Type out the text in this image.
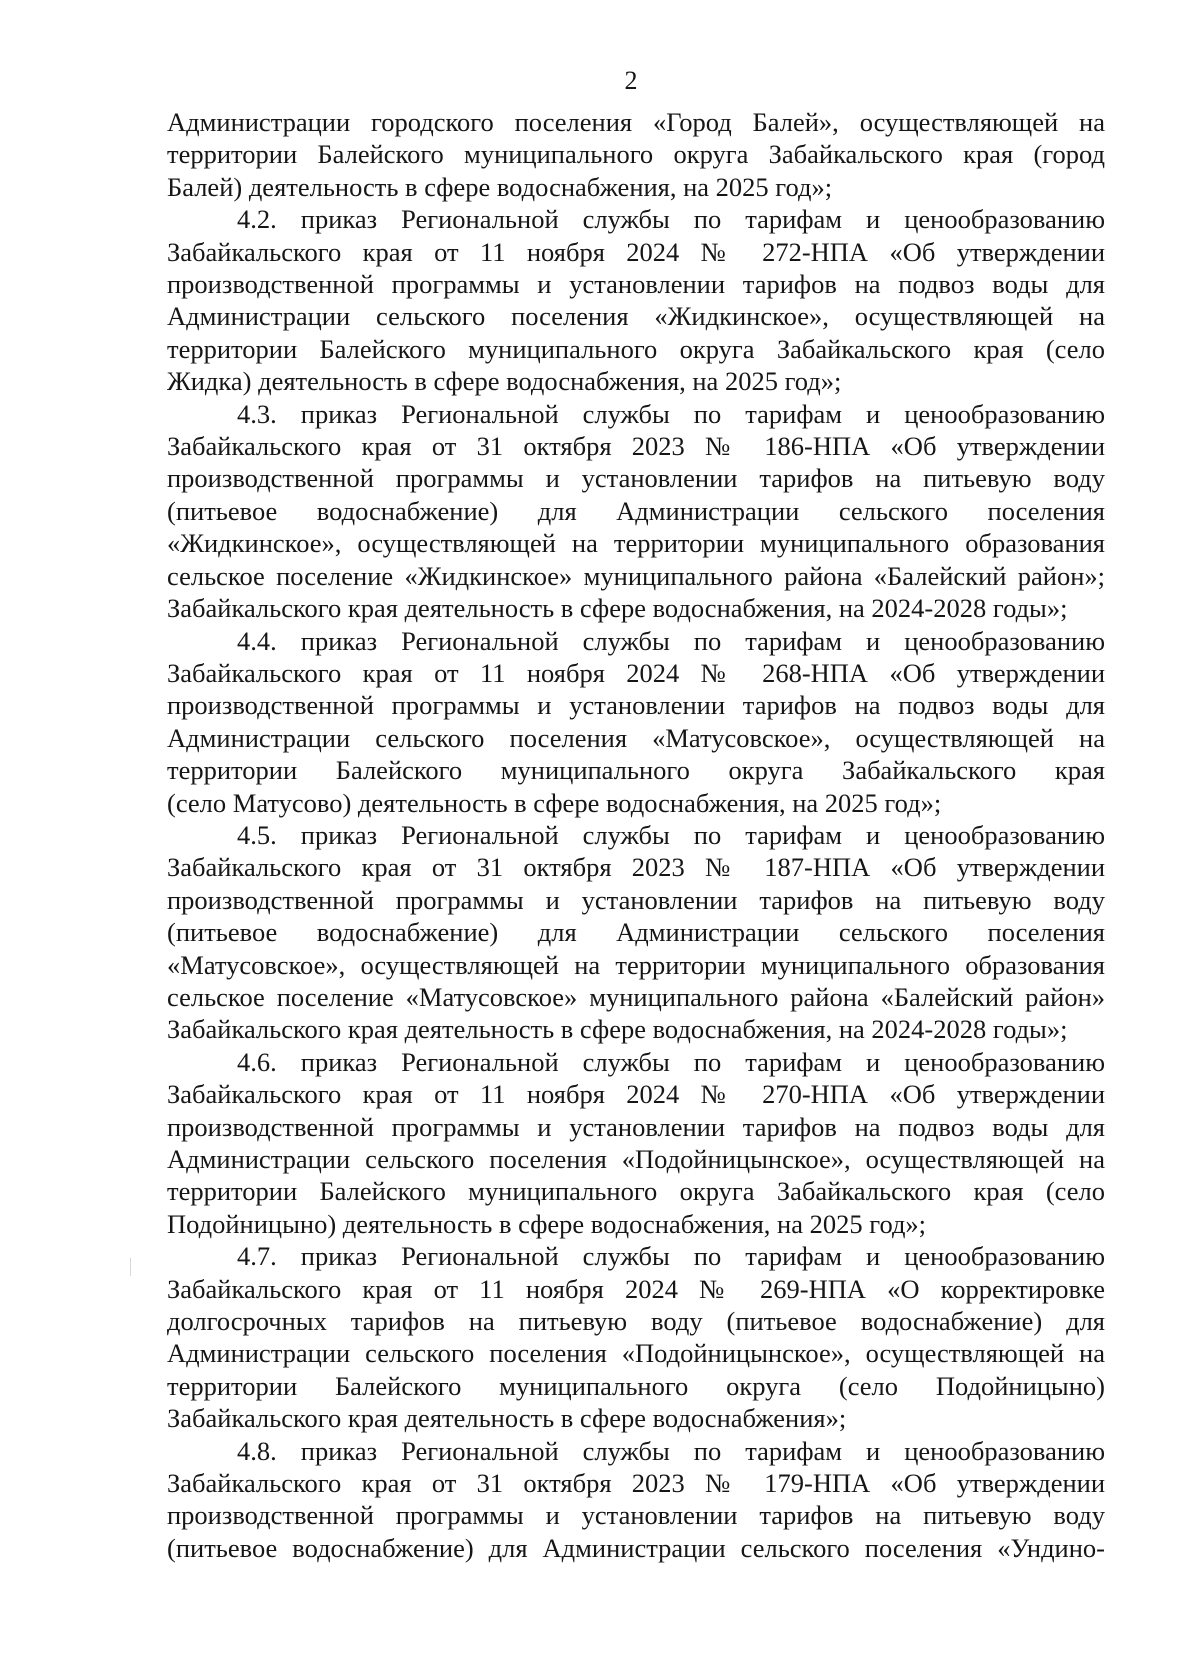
2
Администрации городского поселения «Город Балей», осуществляющей на
территории Балейского муниципального округа Забайкальского края (город
Балей) деятельность в сфере водоснабжения, на 2025 год»;
4.2. приказ Региональной службы по тарифам и ценообразованию
Забайкальского края от 11 ноября 2024 № 272-НПА «Об утверждении
производственной программы и установлении тарифов на подвоз воды для
Администрации сельского поселения «Жидкинское», осуществляющей на
территории Балейского муниципального округа Забайкальского края (село
Жидка) деятельность в сфере водоснабжения, на 2025 год»;
4.3. приказ Региональной службы по тарифам и ценообразованию
Забайкальского края от 31 октября 2023 № 186-НПА «Об утверждении
производственной программы и установлении тарифов на питьевую воду
(питьевое водоснабжение) для Администрации сельского поселения
«Жидкинское», осуществляющей на территории муниципального образования
сельское поселение «Жидкинское» муниципального района «Балейский район»;
Забайкальского края деятельность в сфере водоснабжения, на 2024-2028 годы»;
4.4. приказ Региональной службы по тарифам и ценообразованию
Забайкальского края от 11 ноября 2024 № 268-НПА «Об утверждении
производственной программы и установлении тарифов на подвоз воды для
Администрации сельского поселения «Матусовское», осуществляющей на
территории Балейского муниципального округа Забайкальского края
(село Матусово) деятельность в сфере водоснабжения, на 2025 год»;
4.5. приказ Региональной службы по тарифам и ценообразованию
Забайкальского края от 31 октября 2023 № 187-НПА «Об утверждении
производственной программы и установлении тарифов на питьевую воду
(питьевое водоснабжение) для Администрации сельского поселения
«Матусовское», осуществляющей на территории муниципального образования
сельское поселение «Матусовское» муниципального района «Балейский район»
Забайкальского края деятельность в сфере водоснабжения, на 2024-2028 годы»;
4.6. приказ Региональной службы по тарифам и ценообразованию
Забайкальского края от 11 ноября 2024 № 270-НПА «Об утверждении
производственной программы и установлении тарифов на подвоз воды для
Администрации сельского поселения «Подойницынское», осуществляющей на
территории Балейского муниципального округа Забайкальского края (село
Подойницыно) деятельность в сфере водоснабжения, на 2025 год»;
4.7. приказ Региональной службы по тарифам и ценообразованию
Забайкальского края от 11 ноября 2024 № 269-НПА «О корректировке
долгосрочных тарифов на питьевую воду (питьевое водоснабжение) для
Администрации сельского поселения «Подойницынское», осуществляющей на
территории Балейского муниципального округа (село Подойницыно)
Забайкальского края деятельность в сфере водоснабжения»;
4.8. приказ Региональной службы по тарифам и ценообразованию
Забайкальского края от 31 октября 2023 № 179-НПА «Об утверждении
производственной программы и установлении тарифов на питьевую воду
(питьевое водоснабжение) для Администрации сельского поселения «Ундино-
